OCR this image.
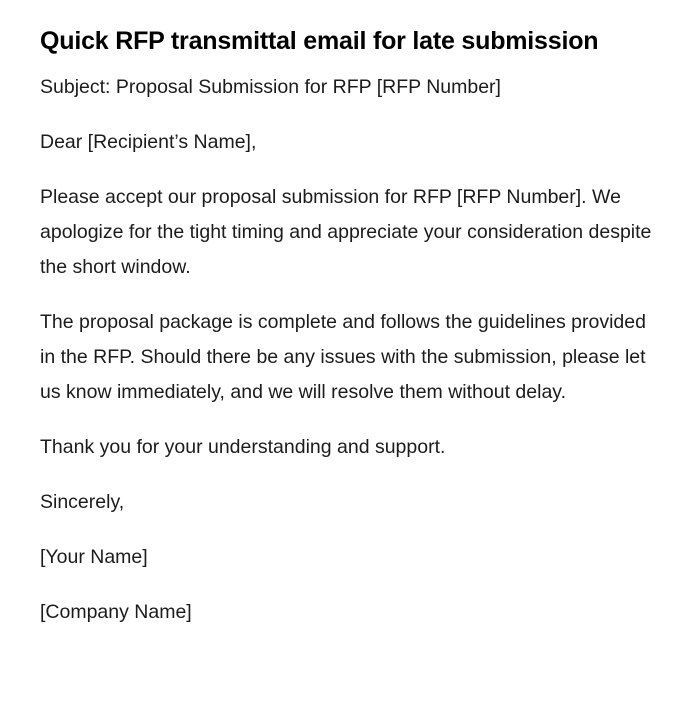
Quick RFP transmittal email for late submission

Subject: Proposal Submission for RFP [RFP Number]

Dear [Recipient’s Name],

Please accept our proposal submission for RFP [RFP Number]. We apologize for the tight timing and appreciate your consideration despite the short window.

The proposal package is complete and follows the guidelines provided in the RFP. Should there be any issues with the submission, please let us know immediately, and we will resolve them without delay.

Thank you for your understanding and support.

Sincerely,

[Your Name]

[Company Name]
